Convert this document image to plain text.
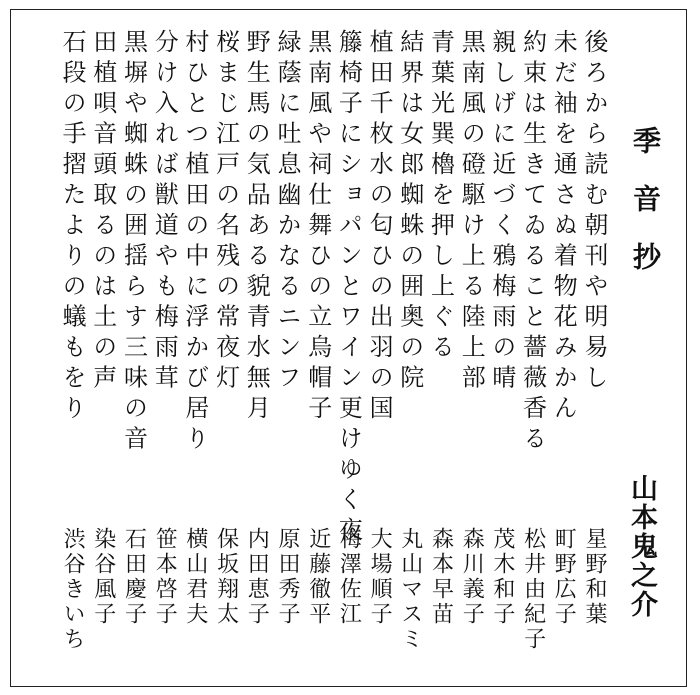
季音抄
山本鬼之介
後ろから読む朝刊や明易し
星野和葉
未だ袖を通さぬ着物花みかん
町野広子
約束は生きてゐること薔薇香る
松井由紀子
親しげに近づく鴉梅雨の晴
茂木和子
黒南風の磴駆け上る陸上部
森川義子
青葉光巽櫓を押し上ぐる
森本早苗
結界は女郎蜘蛛の囲奥の院
丸山マスミ
植田千枚水の匂ひの出羽の国
大場順子
籐椅子にショパンとワイン更けゆく夜
梅澤佐江
黒南風や祠仕舞ひの立烏帽子
近藤徹平
緑蔭に吐息幽かなるニンフ
原田秀子
野生馬の気品ある貌青水無月
内田恵子
桜まじ江戸の名残の常夜灯
保坂翔太
村ひとつ植田の中に浮かび居り
横山君夫
分け入れば獣道やも梅雨茸
笹本啓子
黒塀や蜘蛛の囲揺らす三味の音
石田慶子
田植唄音頭取るのは土の声
染谷風子
石段の手摺たよりの蟻もをり
渋谷きいち
